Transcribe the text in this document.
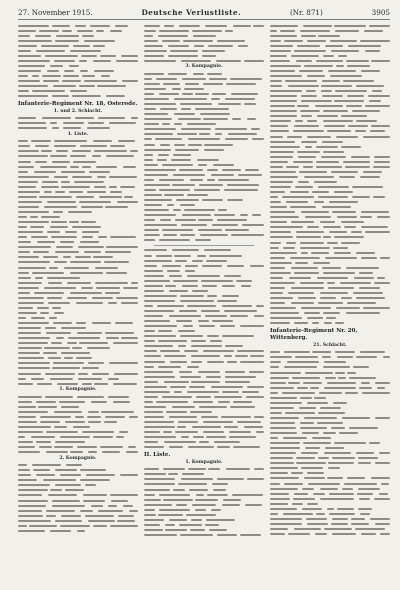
27. November 1915.	Deutsche Verlustliste.	(Nr. 871)	3905
Infanterie-Regiment Nr. 18, Osterode.
1. und 2. Schlacht.
1. Liste.
1. Kompagnie.
2. Kompagnie.
3. Kompagnie.
II. Liste.
1. Kompagnie.
Infanterie-Regiment Nr. 20, Wittenberg.
21. Schlacht.
